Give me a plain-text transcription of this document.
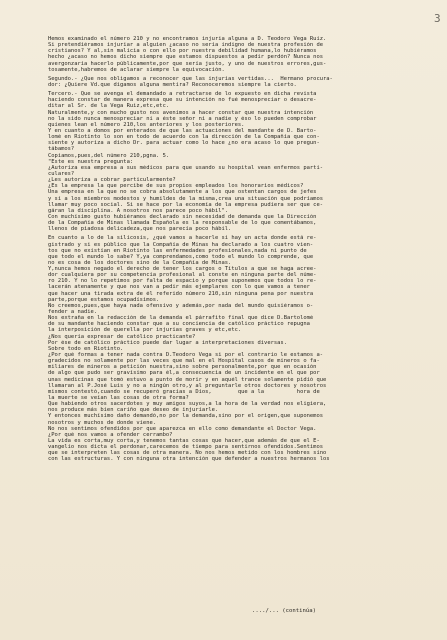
3
Hemos examinado el número 210 y no encontramos injuria alguna a D. Teodoro Vega Ruiz.
Si pretendiéramos injuriar a alguien ¿acaso no sería indigno de nuestra profesión de
cristianos? Y al,sin malicia o con ello por nuestra debilidad humana,lo hubiéramos
hecho ¿acaso no hemos dicho siempre que estamos dispuestos a pedir perdón? Nunca nos
avergonzaría hacerlo públicamente,por que sería justo, y uno de nuestros errores,gus-
tosamente,habremos de aclarar siempre la equivocación.
Segundo.- ¿Que nos obligamos a reconocer que las injurias vertidas...  Hermano procura-
dor: ¿Quiere Vd.que digamos alguna mentira? Reconoceremos siempre la cierto.
Tercero.- Que se avenga el demandado a retractarse de lo expuesto en dicha revista
haciendo constar de manera expresa que su intención no fué menospreciar o desacre-
ditar al Sr. de la Vega Ruiz,etc,etc.
Naturalmente,y con mucho gusto nos avenimos a hacer constar que nuestra intención
no la sido nunca menospreciar ni a éste señor ni a nadie y éso lo pueden comprobar
quienes lean el número 210,los anteriores y los posteriores.
Y en cuanto a domos por enterados de que las actuaciones del mandante de D. Barto-
lomé en Riotinto lo son en todo de acuerdo con la dirección de la Compañía que con-
siente y autoriza a dicho Dr. para actuar como lo hace ¿no era acaso lo que pregun-
tábamos?
Copiamos,pues,del número 210,pgna. 5.
"Este es nuestra pregunta:
¿Autoriza esa empresa a sus médicos para que usando su hospital vean enfermos parti-
culares?
¿Les autoriza a cobrar particularmente?
¿Es la empresa la que percibe de sus propios empleados los honorarios médicos?
Una empresa en la que no se cobra absolutamente a los que ostentan cargos de jefes
y sí a los miembros modestos y humildes de la misma,crea una situación que podríamos
llamar muy poco social. Si se hace por la economía de la empresa pudiera ser que ce-
gáran la disciplina. A nosotros nos parece poco hábil".
Con muchísimo gusto hubiéramos declarado sin necesidad de demanda que la Dirección
de la Compañía de Minas llamada Española es la responsable de lo que comentábamos,
llenos de piadosa delicadeza,que nos parecía poco hábil.
En cuanto a lo de la silicosis, ¿qué vamos a hacerle si hay un acta donde está re-
gistrado y si es público que la Compañía de Minas ha declarado a los cuatro vien-
tos que no existían en Riotinto las enfermedades profesionales,nada ni punto de
que todo el mundo lo sabe? Y,ya comprendamos,como todo el mundo lo comprende, que
no es cosa de los doctores sino de la Compañía de Minas.
Y,nunca hemos negado el derecho de tener los cargos o Títulos a que se haga acree-
dor cualquiera por su competencia profesional al conste en ninguna parte del núme-
ro 210. Y no lo repetimos por falta de espacio y porque suponemos que todos lo re-
lacerán atenamente y que nos van a pedir más ejemplares con lo que vamos a tener
que hacer una tirada extra de él referido número 210,sin ninguna pena por nuestra
parte,porque estamos ocupadísimos.
No creemos,pues,que haya nada ofensivo y además,por nada del mundo quisiéramos o-
fender a nadie.
Nos extraña en la redacción de la demanda el párrafito final que dice D.Bartolomé
de su mandante haciendo constar que a su conciencia de católico práctico repugna
la interposición de querella por injurias graves y etc,etc.
¿Nos quería expresar de católico practicante?
Por ése de católico práctico puede dar lugar a interpretaciones diversas.
Sobre todo en Riotinto.
¿Por qué formas a tener nada contra D.Teodoro Vega si por el contrario le estamos a-
gradecidos no solamente por las veces que mal en el Hospital casos de mineros o fa-
miliares de mineros a petición nuestra,sino sobre personalmente,por que en ocasión
de algo que pudo ser gravísimo para él,a consecuencia de un incidente en el que por
unas medicinas que tomó estuvo a punto de morir y en aquél trance solamente pidió que
llamaran al P.José Luis y no a ningún otro,y al preguntarle otros doctores y nosotros
mismos contestó,cuando se recuperó gracias a Dios,        que a la          hora de
la muerte se veían las cosas de otra forma?
Que habiendo otros sacerdotes y muy amigos suyos,a la hora de la verdad nos eligiera,
nos produce más bien cariño que deseo de injuriarle.
Y entonces muchísimo daño demandó,no por la demanda,sino por el origen,que suponemos
nosotros y muchos de donde viene.
No nos sentimos ofendidos por que aparezca en ello como demandante el Doctor Vega.
¿Por qué nos vamos a ofender cerrambo?
La vida es corta,muy corta,y tenemos tantas cosas que hacer,que además de que el E-
vangelio nos dicta el perdonar,carecemos de tiempo para sentirnos ofendidos.Sentimos
que se interpreten las cosas de otra manera. No nos hemos metido con los hombres sino
con las estructuras. Y con ninguna otra intención que defender a nuestros hermanos los
..../... (continúa)
